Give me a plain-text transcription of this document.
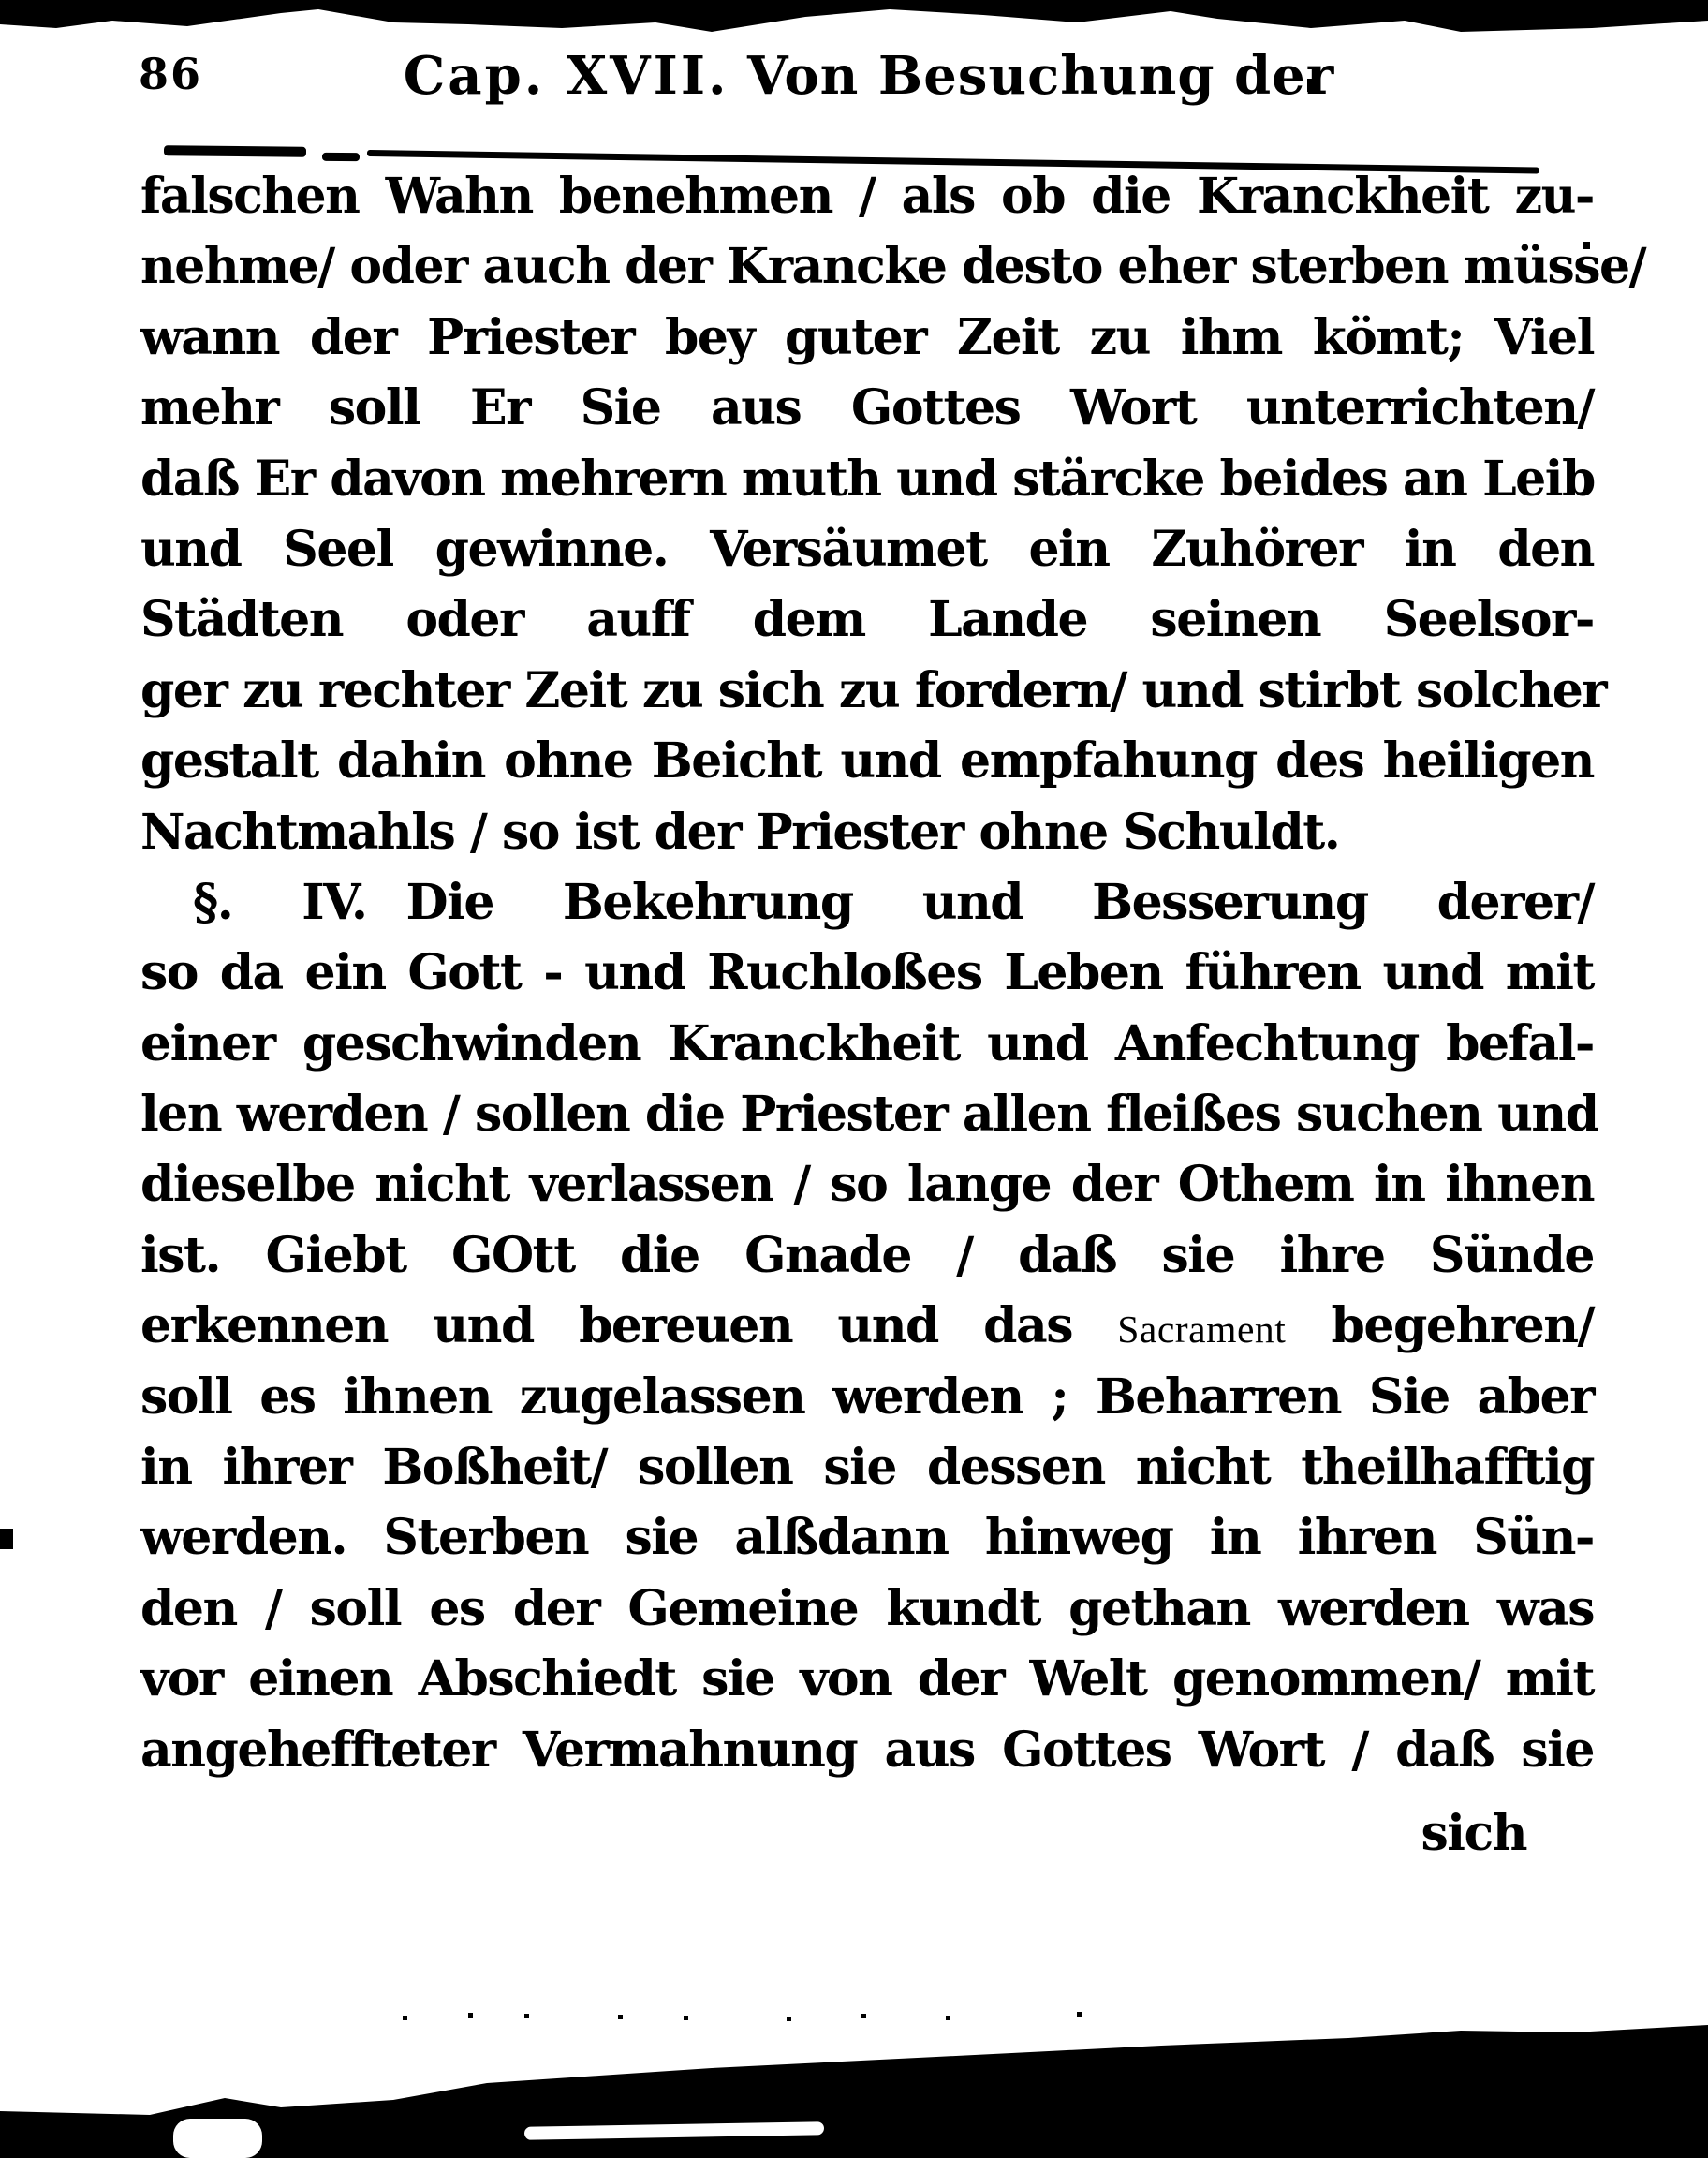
86	Cap. XVII. Von Besuchung der
falschen Wahn benehmen / als ob die Kranckheit zu-
nehme/ oder auch der Krancke desto eher sterben müsse/
wann der Priester bey guter Zeit zu ihm kömt; Viel
mehr soll Er Sie aus Gottes Wort unterrichten/
daß Er davon mehrern muth und stärcke beides an Leib
und Seel gewinne. Versäumet ein Zuhörer in den
Städten oder auff dem Lande seinen Seelsor-
ger zu rechter Zeit zu sich zu fordern/ und stirbt solcher
gestalt dahin ohne Beicht und empfahung des heiligen
Nachtmahls / so ist der Priester ohne Schuldt.
§. IV. Die Bekehrung und Besserung derer/
so da ein Gott - und Ruchloßes Leben führen und mit
einer geschwinden Kranckheit und Anfechtung befal-
len werden / sollen die Priester allen fleißes suchen und
dieselbe nicht verlassen / so lange der Othem in ihnen
ist. Giebt GOtt die Gnade / daß sie ihre Sünde
erkennen und bereuen und das Sacrament begehren/
soll es ihnen zugelassen werden ; Beharren Sie aber
in ihrer Boßheit/ sollen sie dessen nicht theilhafftig
werden. Sterben sie alßdann hinweg in ihren Sün-
den / soll es der Gemeine kundt gethan werden was
vor einen Abschiedt sie von der Welt genommen/ mit
angeheffteter Vermahnung aus Gottes Wort / daß sie
sich
